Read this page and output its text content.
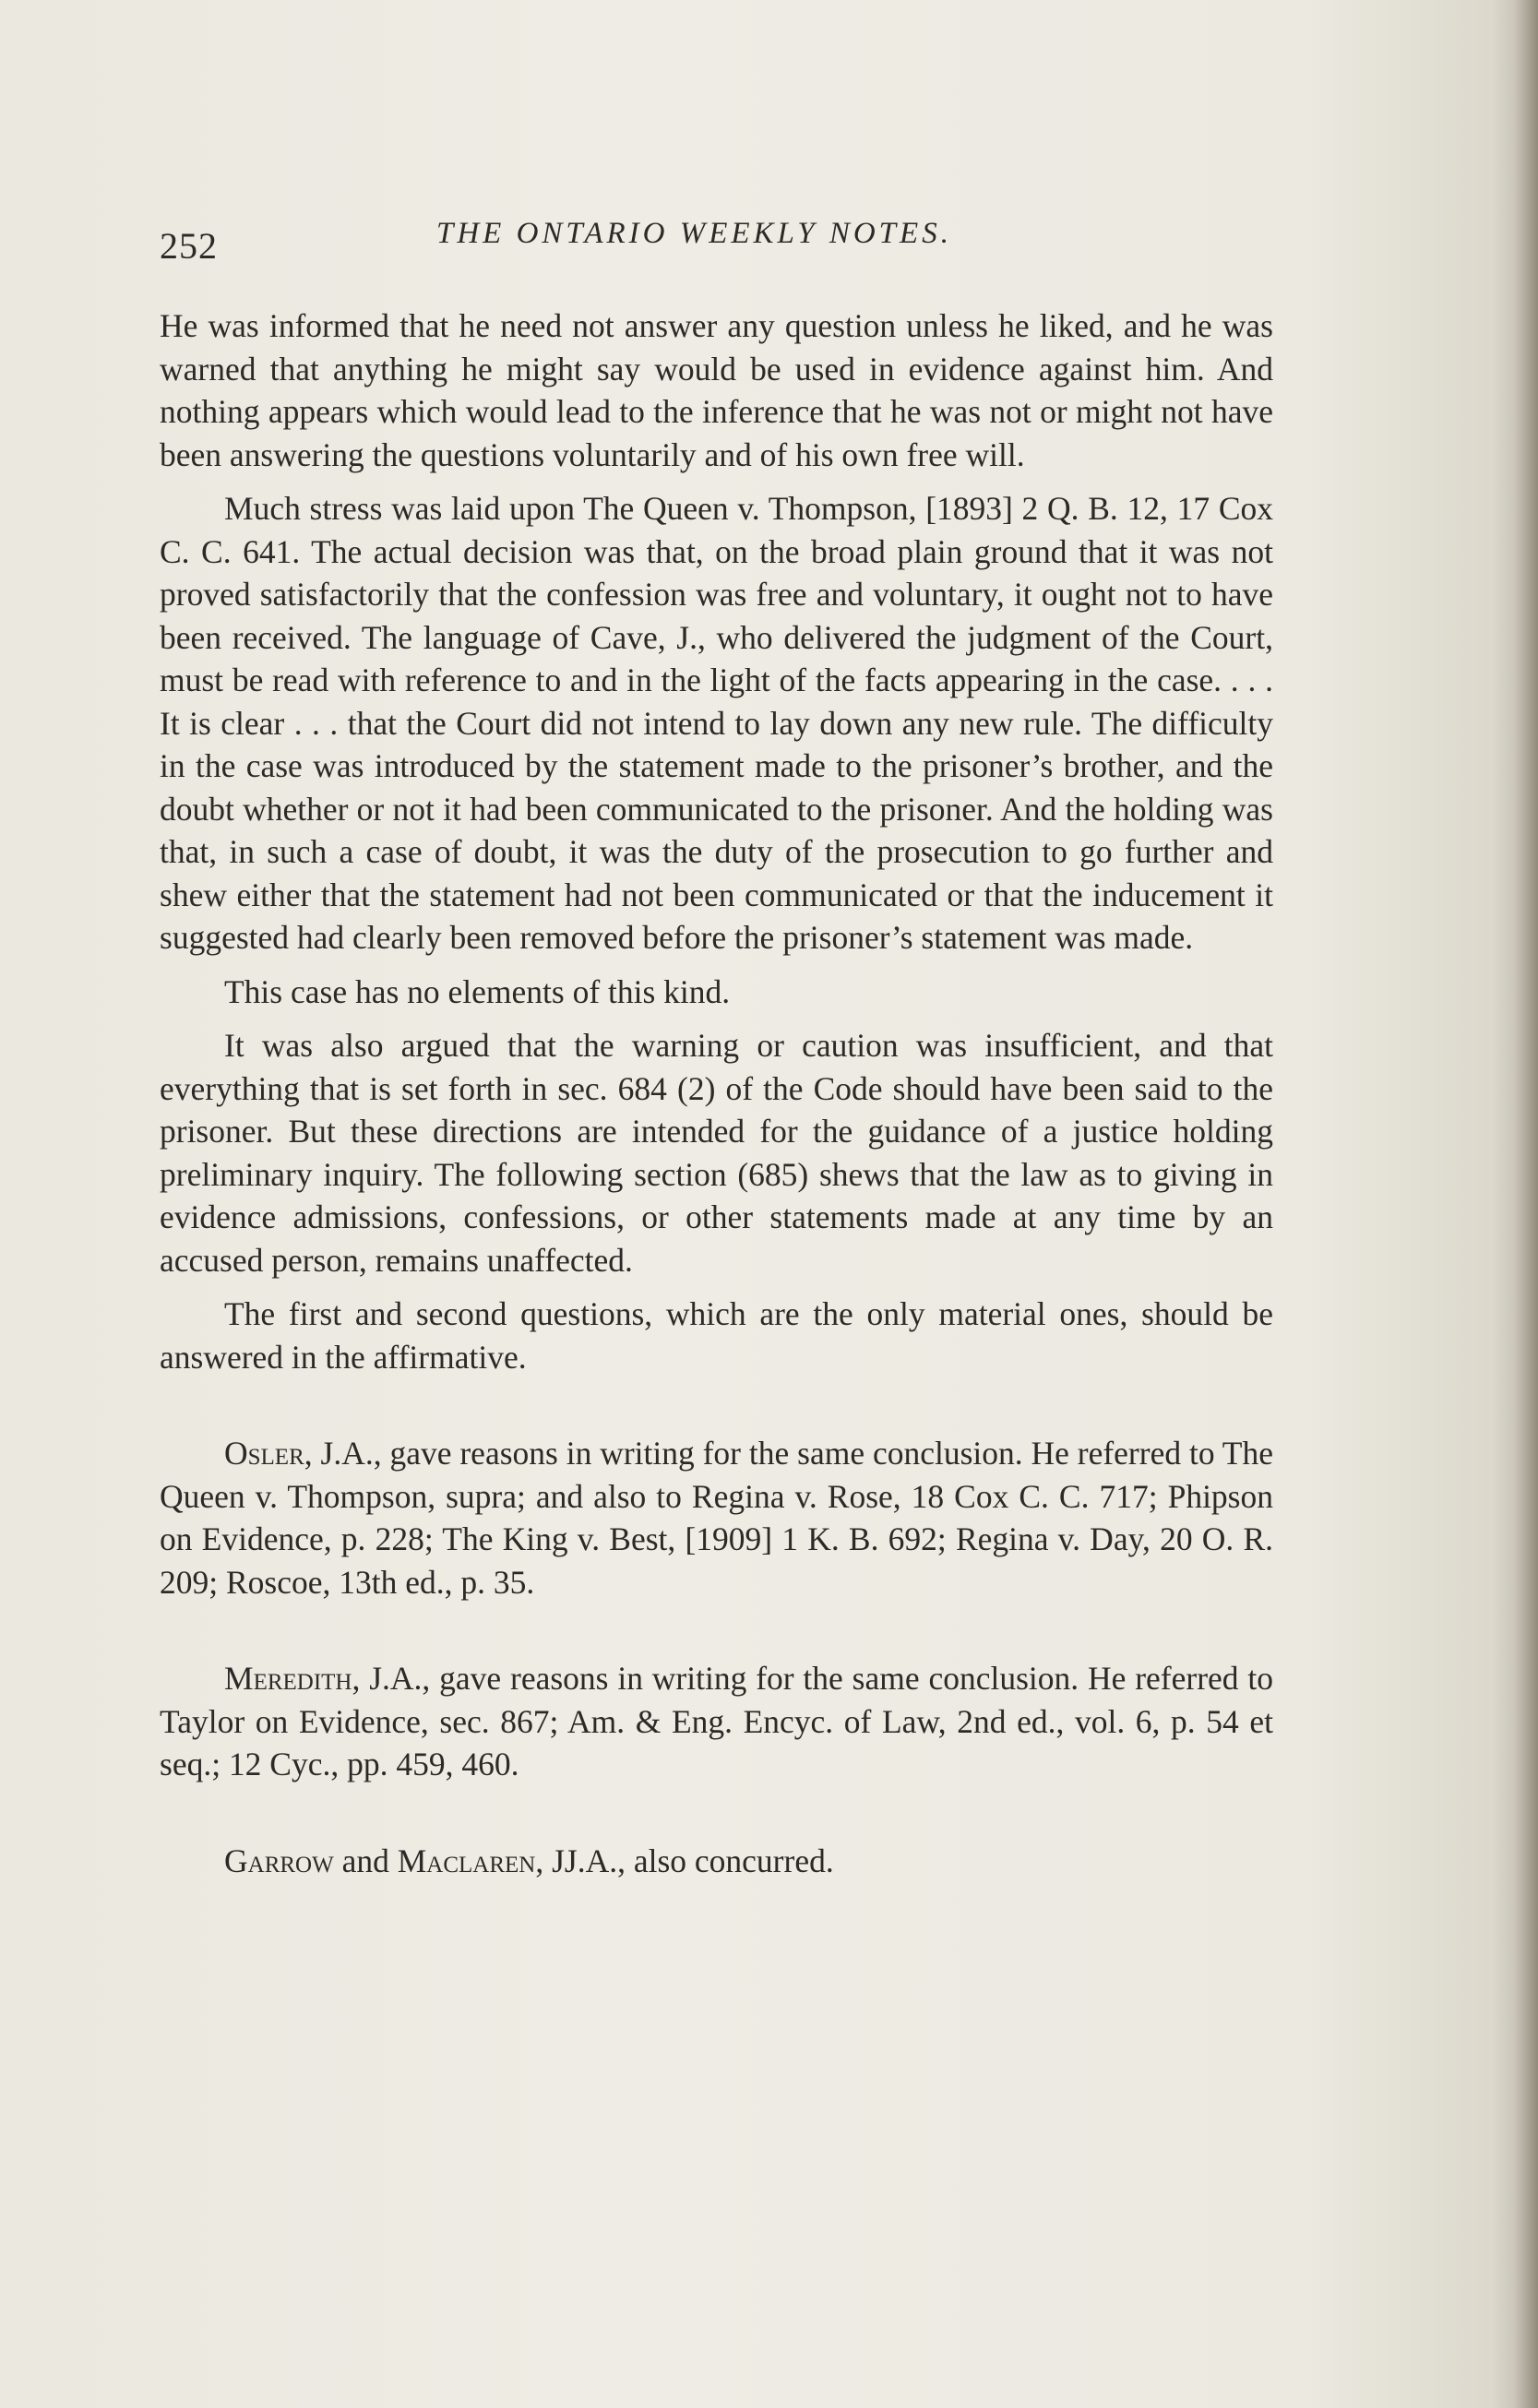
252	THE ONTARIO WEEKLY NOTES.

He was informed that he need not answer any question unless he liked, and he was warned that anything he might say would be used in evidence against him. And nothing appears which would lead to the inference that he was not or might not have been answering the questions voluntarily and of his own free will.

Much stress was laid upon The Queen v. Thompson, [1893] 2 Q. B. 12, 17 Cox C. C. 641. The actual decision was that, on the broad plain ground that it was not proved satisfactorily that the confession was free and voluntary, it ought not to have been received. The language of Cave, J., who delivered the judgment of the Court, must be read with reference to and in the light of the facts appearing in the case. . . . It is clear . . . that the Court did not intend to lay down any new rule. The difficulty in the case was introduced by the statement made to the prisoner’s brother, and the doubt whether or not it had been communicated to the prisoner. And the holding was that, in such a case of doubt, it was the duty of the prosecution to go further and shew either that the statement had not been communicated or that the inducement it suggested had clearly been removed before the prisoner’s statement was made.

This case has no elements of this kind.

It was also argued that the warning or caution was insufficient, and that everything that is set forth in sec. 684 (2) of the Code should have been said to the prisoner. But these directions are intended for the guidance of a justice holding preliminary inquiry. The following section (685) shews that the law as to giving in evidence admissions, confessions, or other statements made at any time by an accused person, remains unaffected.

The first and second questions, which are the only material ones, should be answered in the affirmative.

Osler, J.A., gave reasons in writing for the same conclusion. He referred to The Queen v. Thompson, supra; and also to Regina v. Rose, 18 Cox C. C. 717; Phipson on Evidence, p. 228; The King v. Best, [1909] 1 K. B. 692; Regina v. Day, 20 O. R. 209; Roscoe, 13th ed., p. 35.

Meredith, J.A., gave reasons in writing for the same conclusion. He referred to Taylor on Evidence, sec. 867; Am. & Eng. Encyc. of Law, 2nd ed., vol. 6, p. 54 et seq.; 12 Cyc., pp. 459, 460.

Garrow and Maclaren, JJ.A., also concurred.
